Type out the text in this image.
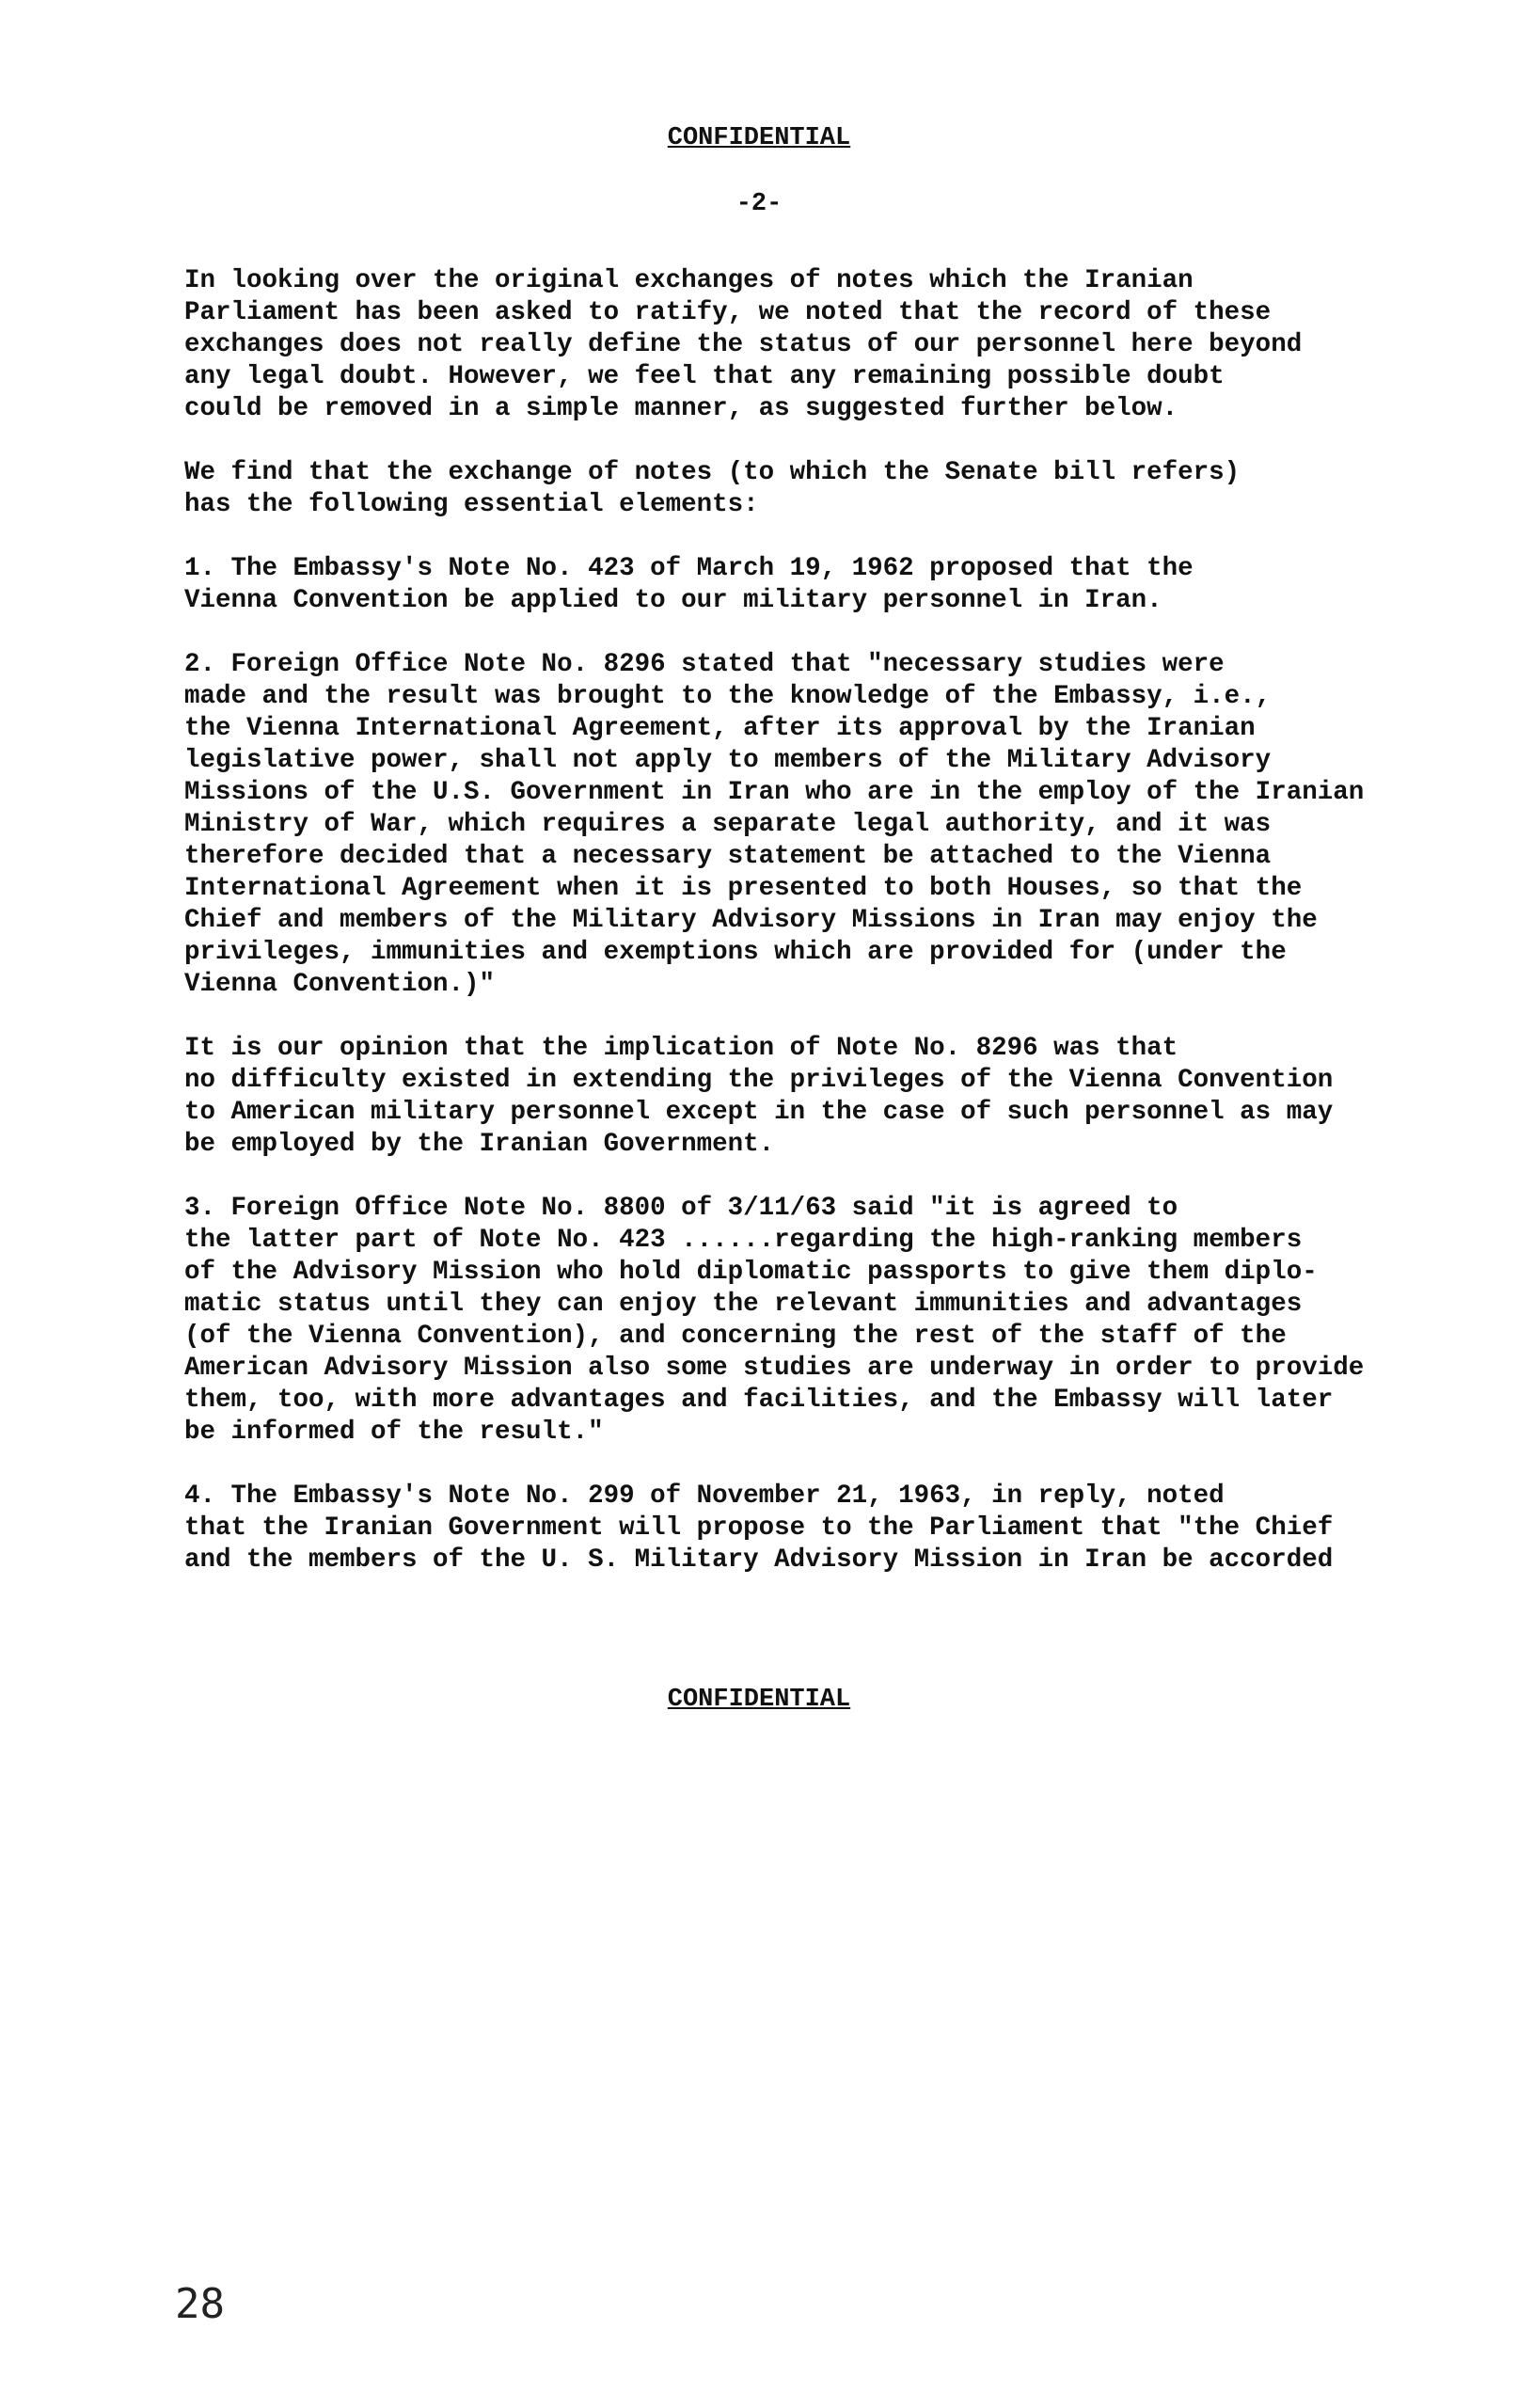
CONFIDENTIAL
-2-

In looking over the original exchanges of notes which the Iranian
Parliament has been asked to ratify, we noted that the record of these
exchanges does not really define the status of our personnel here beyond
any legal doubt. However, we feel that any remaining possible doubt
could be removed in a simple manner, as suggested further below.

We find that the exchange of notes (to which the Senate bill refers)
has the following essential elements:

1. The Embassy's Note No. 423 of March 19, 1962 proposed that the
Vienna Convention be applied to our military personnel in Iran.

2. Foreign Office Note No. 8296 stated that "necessary studies were
made and the result was brought to the knowledge of the Embassy, i.e.,
the Vienna International Agreement, after its approval by the Iranian
legislative power, shall not apply to members of the Military Advisory
Missions of the U.S. Government in Iran who are in the employ of the Iranian
Ministry of War, which requires a separate legal authority, and it was
therefore decided that a necessary statement be attached to the Vienna
International Agreement when it is presented to both Houses, so that the
Chief and members of the Military Advisory Missions in Iran may enjoy the
privileges, immunities and exemptions which are provided for (under the
Vienna Convention.)"

It is our opinion that the implication of Note No. 8296 was that
no difficulty existed in extending the privileges of the Vienna Convention
to American military personnel except in the case of such personnel as may
be employed by the Iranian Government.

3. Foreign Office Note No. 8800 of 3/11/63 said "it is agreed to
the latter part of Note No. 423 ......regarding the high-ranking members
of the Advisory Mission who hold diplomatic passports to give them diplo-
matic status until they can enjoy the relevant immunities and advantages
(of the Vienna Convention), and concerning the rest of the staff of the
American Advisory Mission also some studies are underway in order to provide
them, too, with more advantages and facilities, and the Embassy will later
be informed of the result."

4. The Embassy's Note No. 299 of November 21, 1963, in reply, noted
that the Iranian Government will propose to the Parliament that "the Chief
and the members of the U. S. Military Advisory Mission in Iran be accorded

CONFIDENTIAL
28
